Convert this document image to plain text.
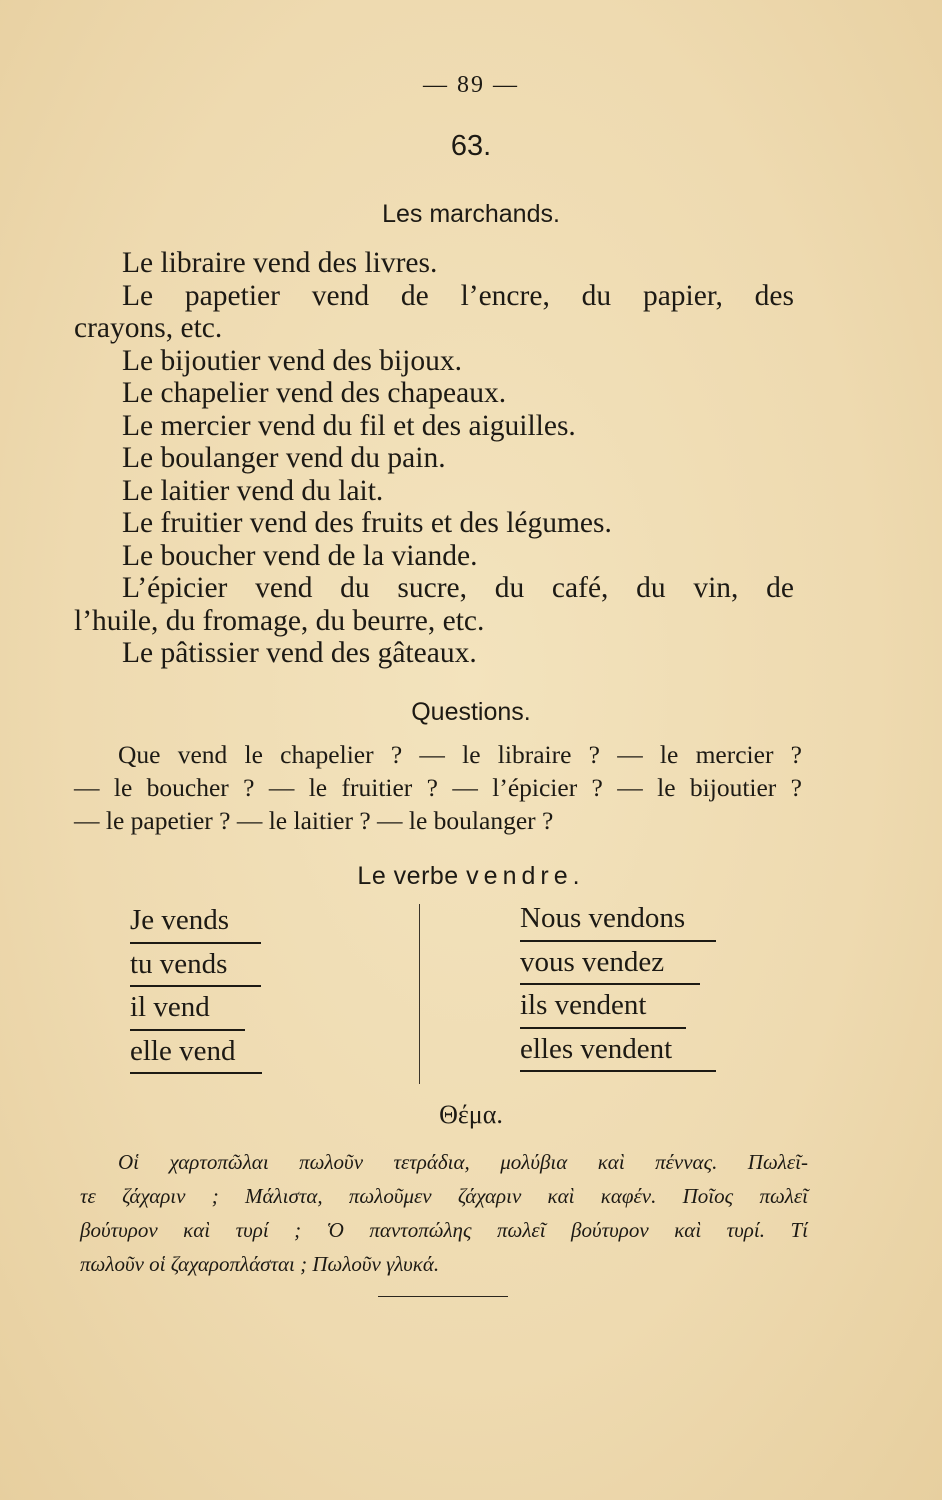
— 89 —
63.
Les marchands.
Le libraire vend des livres.
Le papetier vend de l’encre, du papier, des
crayons, etc.
Le bijoutier vend des bijoux.
Le chapelier vend des chapeaux.
Le mercier vend du fil et des aiguilles.
Le boulanger vend du pain.
Le laitier vend du lait.
Le fruitier vend des fruits et des légumes.
Le boucher vend de la viande.
L’épicier vend du sucre, du café, du vin, de
l’huile, du fromage, du beurre, etc.
Le pâtissier vend des gâteaux.
Questions.
Que vend le chapelier ? — le libraire ? — le mercier ?
— le boucher ? — le fruitier ? — l’épicier ? — le bijoutier ?
— le papetier ? — le laitier ? — le boulanger ?
Le verbe vendre.
Je vends
tu vends
il vend
elle vend
Nous vendons
vous vendez
ils vendent
elles vendent
Θέμα.
Οἱ χαρτοπῶλαι πωλοῦν τετράδια, μολύβια καὶ πέννας. Πωλεῖ-
τε ζάχαριν ; Μάλιστα, πωλοῦμεν ζάχαριν καὶ καφέν. Ποῖος πωλεῖ
βούτυρον καὶ τυρί ; Ὁ παντοπώλης πωλεῖ βούτυρον καὶ τυρί. Τί
πωλοῦν οἱ ζαχαροπλάσται ; Πωλοῦν γλυκά.
